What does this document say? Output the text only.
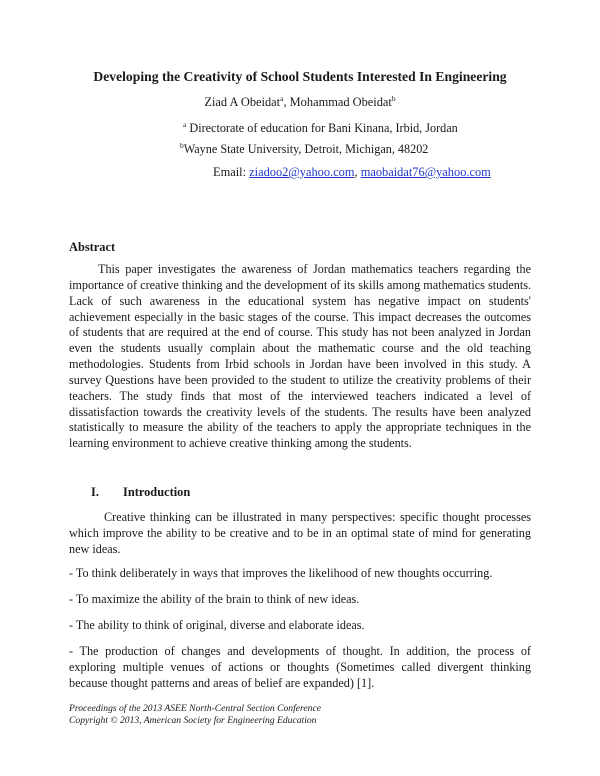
Developing the Creativity of School Students Interested In Engineering
Ziad A Obeidat$^a$, Mohammad Obeidat$^b$
$^a$ Directorate of education for Bani Kinana, Irbid, Jordan
$^b$Wayne State University, Detroit, Michigan, 48202
Email: ziadoo2@yahoo.com, maobaidat76@yahoo.com
Abstract

This paper investigates the awareness of Jordan mathematics teachers regarding the importance of creative thinking and the development of its skills among mathematics students. Lack of such awareness in the educational system has negative impact on students' achievement especially in the basic stages of the course. This impact decreases the outcomes of students that are required at the end of course. This study has not been analyzed in Jordan even the students usually complain about the mathematic course and the old teaching methodologies. Students from Irbid schools in Jordan have been involved in this study. A survey Questions have been provided to the student to utilize the creativity problems of their teachers. The study finds that most of the interviewed teachers indicated a level of dissatisfaction towards the creativity levels of the students. The results have been analyzed statistically to measure the ability of the teachers to apply the appropriate techniques in the learning environment to achieve creative thinking among the students.

I. Introduction

Creative thinking can be illustrated in many perspectives: specific thought processes which improve the ability to be creative and to be in an optimal state of mind for generating new ideas.

- To think deliberately in ways that improves the likelihood of new thoughts occurring.

- To maximize the ability of the brain to think of new ideas.

- The ability to think of original, diverse and elaborate ideas.

- The production of changes and developments of thought. In addition, the process of exploring multiple venues of actions or thoughts (Sometimes called divergent thinking because thought patterns and areas of belief are expanded) [1].

Proceedings of the 2013 ASEE North-Central Section Conference

Copyright © 2013, American Society for Engineering Education
